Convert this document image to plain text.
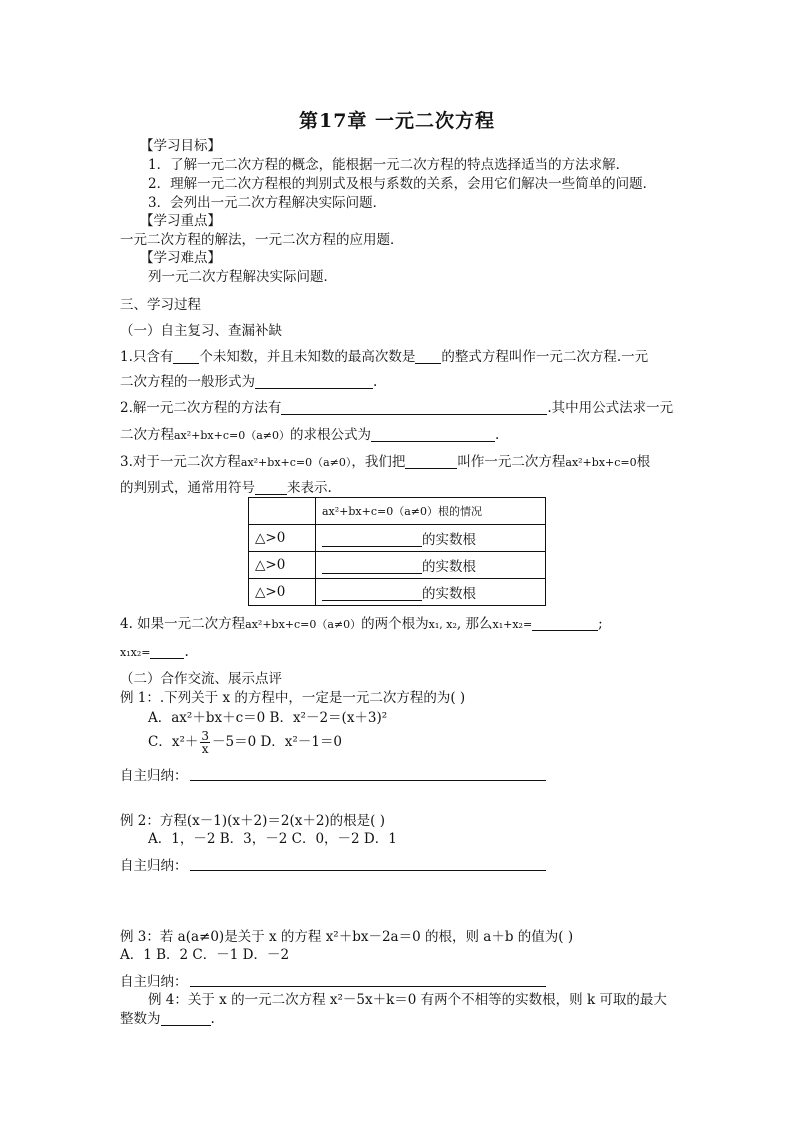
第17章 一元二次方程
【学习目标】
1．了解一元二次方程的概念，能根据一元二次方程的特点选择适当的方法求解．
2．理解一元二次方程根的判别式及根与系数的关系，会用它们解决一些简单的问题．
3．会列出一元二次方程解决实际问题．
【学习重点】
一元二次方程的解法，一元二次方程的应用题．
【学习难点】
列一元二次方程解决实际问题．
三、学习过程
（一）自主复习、查漏补缺
1.只含有 个未知数，并且未知数的最高次数是 的整式方程叫作一元二次方程.一元
二次方程的一般形式为	.
2.解一元二次方程的方法有	.其中用公式法求一元
二次方程ax²+bx+c=0（a≠0）的求根公式为	.
3.对于一元二次方程ax²+bx+c=0（a≠0），我们把	叫作一元二次方程ax²+bx+c=0根
的判别式，通常用符号 来表示.
	ax²+bx+c=0（a≠0）根的情况
△>0	的实数根
△>0	的实数根
△>0	的实数根
4. 如果一元二次方程ax²+bx+c=0（a≠0）的两个根为x₁, x₂, 那么x₁+x₂=	;
x₁x₂=	.
（二）合作交流、展示点评
例 1：.下列关于 x 的方程中，一定是一元二次方程的为( )
A．ax²＋bx＋c＝0 B．x²－2＝(x＋3)²
C．$x^2+ \frac{3}{x} -5=0$ D．x²－1＝0
自主归纳：
例 2：方程(x－1)(x＋2)＝2(x＋2)的根是( )
A．1，－2 B．3，－2 C．0，－2 D．1
自主归纳：
例 3：若 a(a≠0)是关于 x 的方程 x²＋bx－2a＝0 的根，则 a＋b 的值为( )
A．1 B．2 C．－1 D．－2
自主归纳：
例 4：关于 x 的一元二次方程 x²－5x＋k＝0 有两个不相等的实数根，则 k 可取的最大
整数为	.
